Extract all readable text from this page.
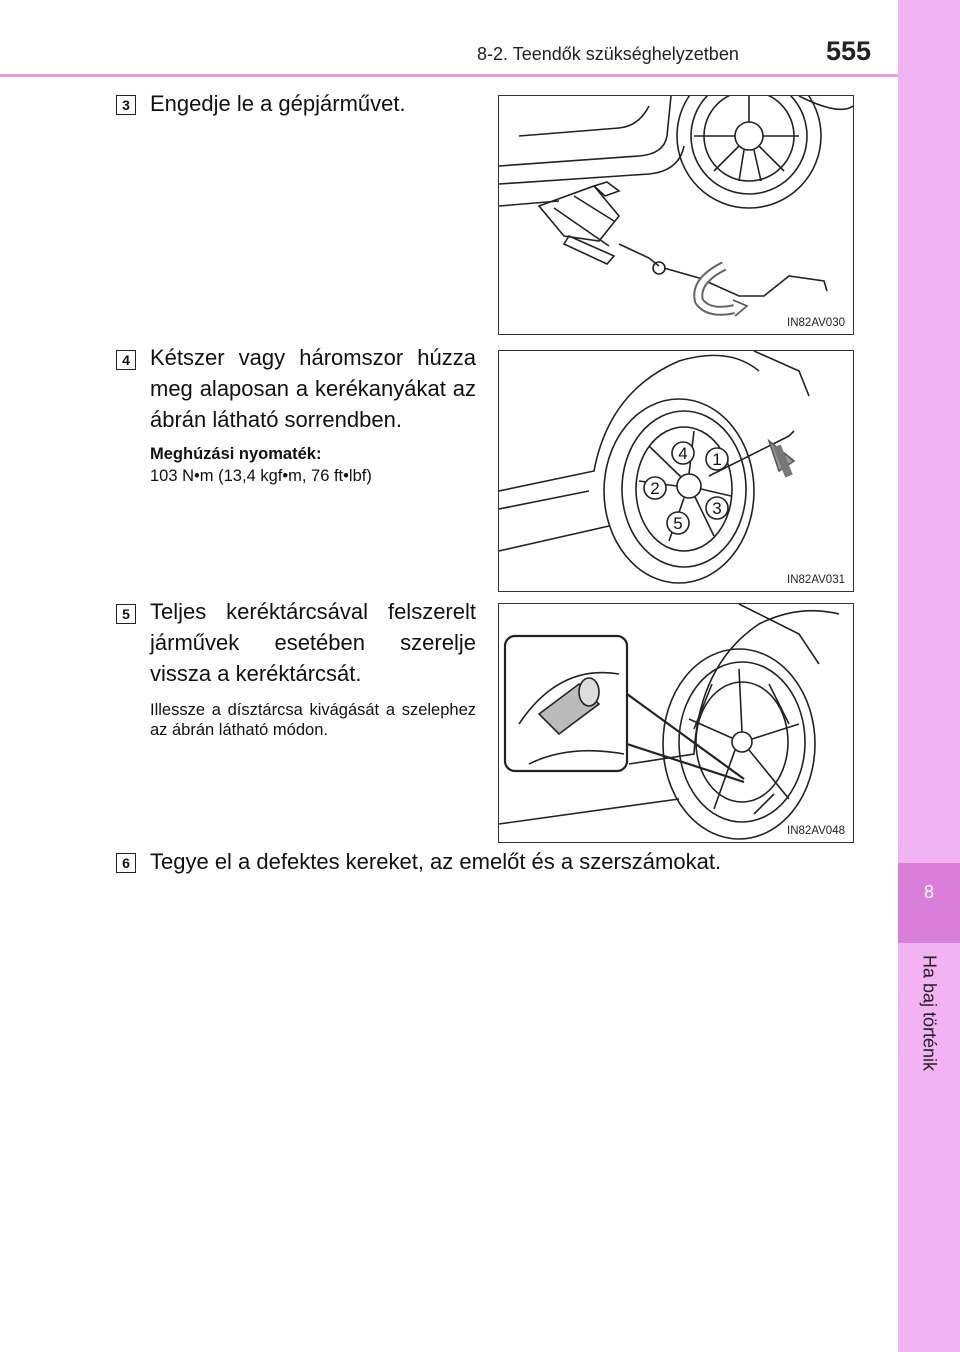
8
Ha baj történik
8-2. Teendők szükséghelyzetben	555
3 Engedje le a gépjárművet.
IN82AV030
4 Kétszer vagy háromszor húzza meg alaposan a kerékanyákat az ábrán látható sorrendben.
Meghúzási nyomaték:
103 N•m (13,4 kgf•m, 76 ft•lbf)
4 1
2
3
5
IN82AV031
5 Teljes keréktárcsával felszerelt járművek esetében szerelje vissza a keréktárcsát.
Illessze a dísztárcsa kivágását a szelephez az ábrán látható módon.
IN82AV048
6 Tegye el a defektes kereket, az emelőt és a szerszámokat.
